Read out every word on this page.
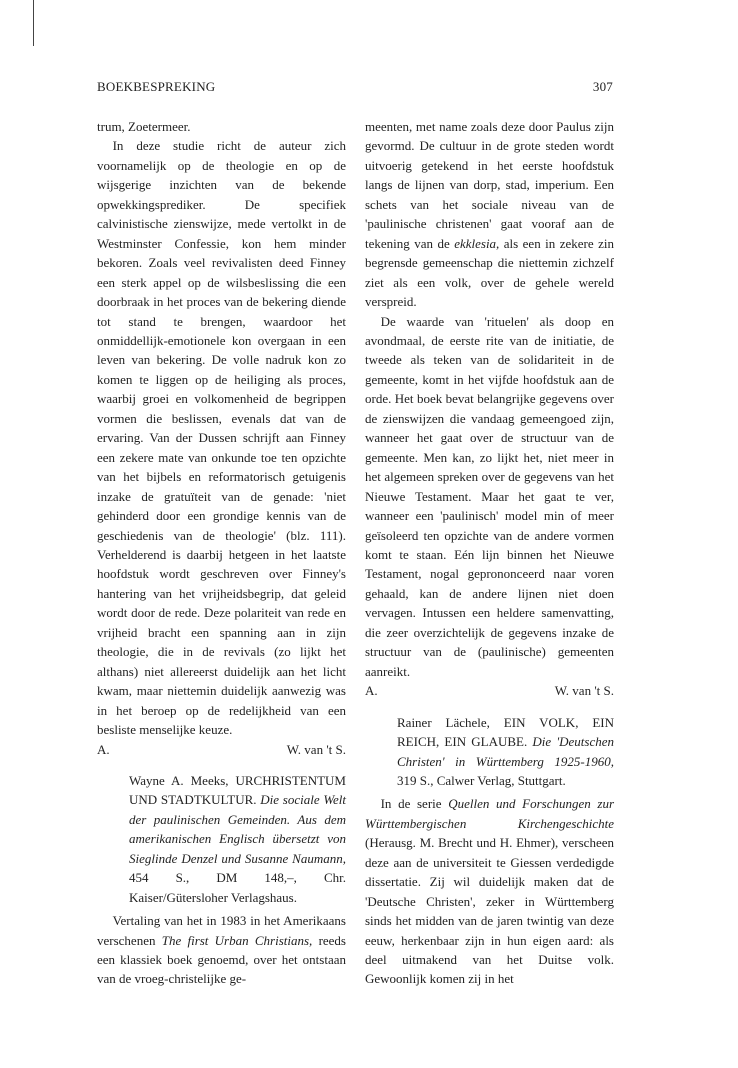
BOEKBESPREKING	307

trum, Zoetermeer.

In deze studie richt de auteur zich voornamelijk op de theologie en op de wijsgerige inzichten van de bekende opwekkingsprediker. De specifiek calvinistische zienswijze, mede vertolkt in de Westminster Confessie, kon hem minder bekoren. Zoals veel revivalisten deed Finney een sterk appel op de wilsbeslissing die een doorbraak in het proces van de bekering diende tot stand te brengen, waardoor het onmiddellijk-emotionele kon overgaan in een leven van bekering. De volle nadruk kon zo komen te liggen op de heiliging als proces, waarbij groei en volkomenheid de begrippen vormen die beslissen, evenals dat van de ervaring. Van der Dussen schrijft aan Finney een zekere mate van onkunde toe ten opzichte van het bijbels en reformatorisch getuigenis inzake de gratuïteit van de genade: 'niet gehinderd door een grondige kennis van de geschiedenis van de theologie' (blz. 111). Verhelderend is daarbij hetgeen in het laatste hoofdstuk wordt geschreven over Finney's hantering van het vrijheidsbegrip, dat geleid wordt door de rede. Deze polariteit van rede en vrijheid bracht een spanning aan in zijn theologie, die in de revivals (zo lijkt het althans) niet allereerst duidelijk aan het licht kwam, maar niettemin duidelijk aanwezig was in het beroep op de redelijkheid van een besliste menselijke keuze.

A.	W. van 't S.

Wayne A. Meeks, URCHRISTENTUM UND STADTKULTUR. Die sociale Welt der paulinischen Gemeinden. Aus dem amerikanischen Englisch übersetzt von Sieglinde Denzel und Susanne Naumann, 454 S., DM 148,–, Chr. Kaiser/Gütersloher Verlagshaus.

Vertaling van het in 1983 in het Amerikaans verschenen The first Urban Christians, reeds een klassiek boek genoemd, over het ontstaan van de vroeg-christelijke ge-

meenten, met name zoals deze door Paulus zijn gevormd. De cultuur in de grote steden wordt uitvoerig getekend in het eerste hoofdstuk langs de lijnen van dorp, stad, imperium. Een schets van het sociale niveau van de 'paulinische christenen' gaat vooraf aan de tekening van de ekklesia, als een in zekere zin begrensde gemeenschap die niettemin zichzelf ziet als een volk, over de gehele wereld verspreid.

De waarde van 'rituelen' als doop en avondmaal, de eerste rite van de initiatie, de tweede als teken van de solidariteit in de gemeente, komt in het vijfde hoofdstuk aan de orde. Het boek bevat belangrijke gegevens over de zienswijzen die vandaag gemeengoed zijn, wanneer het gaat over de structuur van de gemeente. Men kan, zo lijkt het, niet meer in het algemeen spreken over de gegevens van het Nieuwe Testament. Maar het gaat te ver, wanneer een 'paulinisch' model min of meer geïsoleerd ten opzichte van de andere vormen komt te staan. Eén lijn binnen het Nieuwe Testament, nogal geprononceerd naar voren gehaald, kan de andere lijnen niet doen vervagen. Intussen een heldere samenvatting, die zeer overzichtelijk de gegevens inzake de structuur van de (paulinische) gemeenten aanreikt.

A.	W. van 't S.

Rainer Lächele, EIN VOLK, EIN REICH, EIN GLAUBE. Die 'Deutschen Christen' in Württemberg 1925-1960, 319 S., Calwer Verlag, Stuttgart.

In de serie Quellen und Forschungen zur Württembergischen Kirchengeschichte (Herausg. M. Brecht und H. Ehmer), verscheen deze aan de universiteit te Giessen verdedigde dissertatie. Zij wil duidelijk maken dat de 'Deutsche Christen', zeker in Württemberg sinds het midden van de jaren twintig van deze eeuw, herkenbaar zijn in hun eigen aard: als deel uitmakend van het Duitse volk. Gewoonlijk komen zij in het
